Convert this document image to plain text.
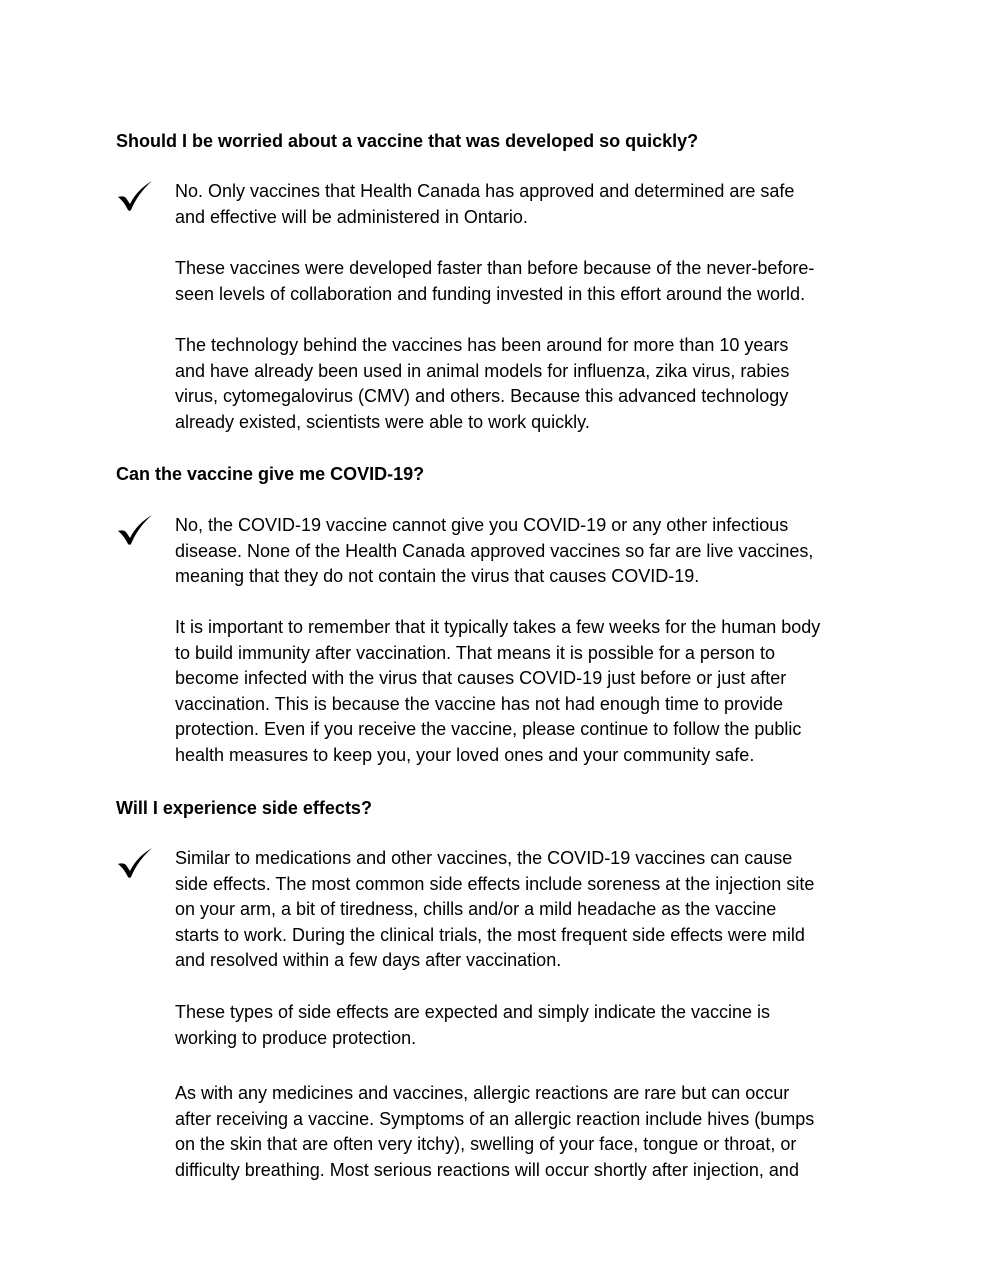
Should I be worried about a vaccine that was developed so quickly?

No. Only vaccines that Health Canada has approved and determined are safe
and effective will be administered in Ontario.

These vaccines were developed faster than before because of the never-before-
seen levels of collaboration and funding invested in this effort around the world.

The technology behind the vaccines has been around for more than 10 years
and have already been used in animal models for influenza, zika virus, rabies
virus, cytomegalovirus (CMV) and others. Because this advanced technology
already existed, scientists were able to work quickly.

Can the vaccine give me COVID-19?

No, the COVID-19 vaccine cannot give you COVID-19 or any other infectious
disease. None of the Health Canada approved vaccines so far are live vaccines,
meaning that they do not contain the virus that causes COVID-19.

It is important to remember that it typically takes a few weeks for the human body
to build immunity after vaccination. That means it is possible for a person to
become infected with the virus that causes COVID-19 just before or just after
vaccination. This is because the vaccine has not had enough time to provide
protection. Even if you receive the vaccine, please continue to follow the public
health measures to keep you, your loved ones and your community safe.

Will I experience side effects?

Similar to medications and other vaccines, the COVID-19 vaccines can cause
side effects. The most common side effects include soreness at the injection site
on your arm, a bit of tiredness, chills and/or a mild headache as the vaccine
starts to work. During the clinical trials, the most frequent side effects were mild
and resolved within a few days after vaccination.

These types of side effects are expected and simply indicate the vaccine is
working to produce protection.

As with any medicines and vaccines, allergic reactions are rare but can occur
after receiving a vaccine. Symptoms of an allergic reaction include hives (bumps
on the skin that are often very itchy), swelling of your face, tongue or throat, or
difficulty breathing. Most serious reactions will occur shortly after injection, and
